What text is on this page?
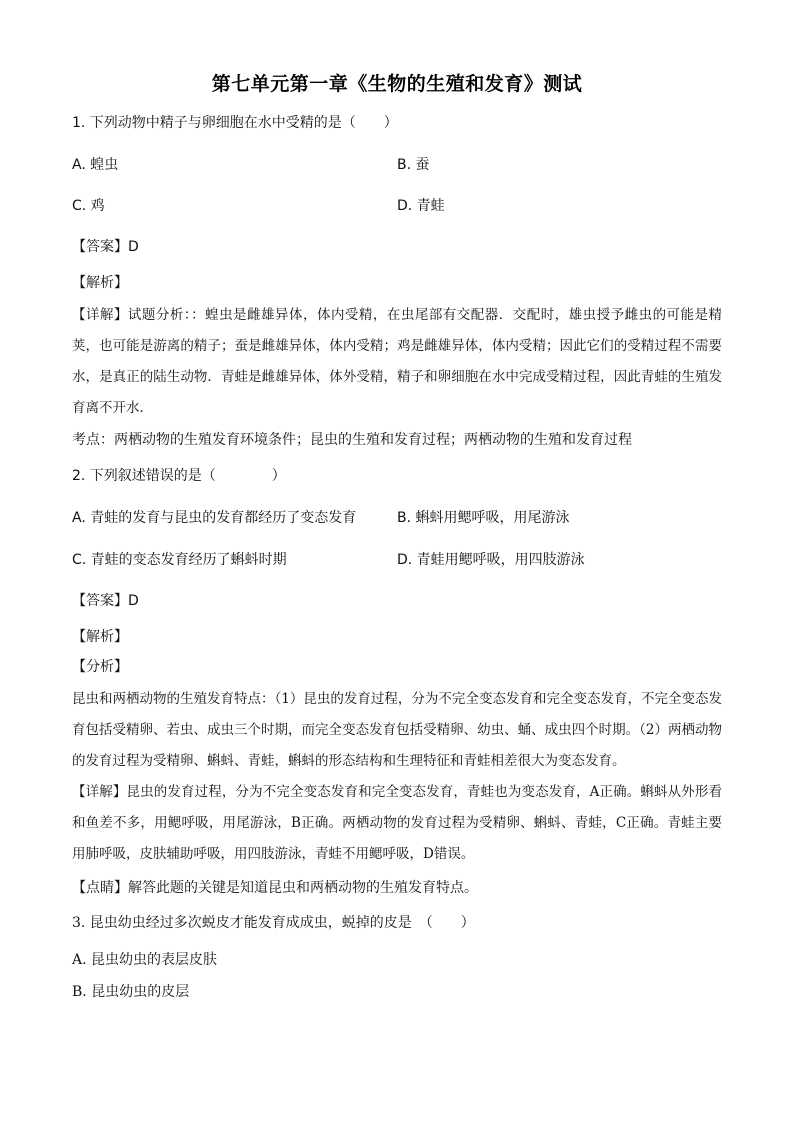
第七单元第一章《生物的生殖和发育》测试
1. 下列动物中精子与卵细胞在水中受精的是（　　）
A. 蝗虫	B. 蚕
C. 鸡	D. 青蛙
【答案】D
【解析】
【详解】试题分析：：蝗虫是雌雄异体，体内受精，在虫尾部有交配器．交配时，雄虫授予雌虫的可能是精荚，也可能是游离的精子；蚕是雌雄异体，体内受精；鸡是雌雄异体，体内受精；因此它们的受精过程不需要水，是真正的陆生动物．青蛙是雌雄异体，体外受精，精子和卵细胞在水中完成受精过程，因此青蛙的生殖发育离不开水．
考点：两栖动物的生殖发育环境条件；昆虫的生殖和发育过程；两栖动物的生殖和发育过程
2. 下列叙述错误的是（　　　　）
A. 青蛙的发育与昆虫的发育都经历了变态发育	B. 蝌蚪用鳃呼吸，用尾游泳
C. 青蛙的变态发育经历了蝌蚪时期	D. 青蛙用鳃呼吸，用四肢游泳
【答案】D
【解析】
【分析】
昆虫和两栖动物的生殖发育特点：（1）昆虫的发育过程，分为不完全变态发育和完全变态发育，不完全变态发育包括受精卵、若虫、成虫三个时期，而完全变态发育包括受精卵、幼虫、蛹、成虫四个时期。（2）两栖动物的发育过程为受精卵、蝌蚪、青蛙，蝌蚪的形态结构和生理特征和青蛙相差很大为变态发育。
【详解】昆虫的发育过程，分为不完全变态发育和完全变态发育，青蛙也为变态发育，A正确。蝌蚪从外形看和鱼差不多，用鳃呼吸，用尾游泳，B正确。两栖动物的发育过程为受精卵、蝌蚪、青蛙，C正确。青蛙主要用肺呼吸，皮肤辅助呼吸，用四肢游泳，青蛙不用鳃呼吸，D错误。
【点睛】解答此题的关键是知道昆虫和两栖动物的生殖发育特点。
3. 昆虫幼虫经过多次蜕皮才能发育成成虫，蜕掉的皮是　（　　）
A. 昆虫幼虫的表层皮肤
B. 昆虫幼虫的皮层
